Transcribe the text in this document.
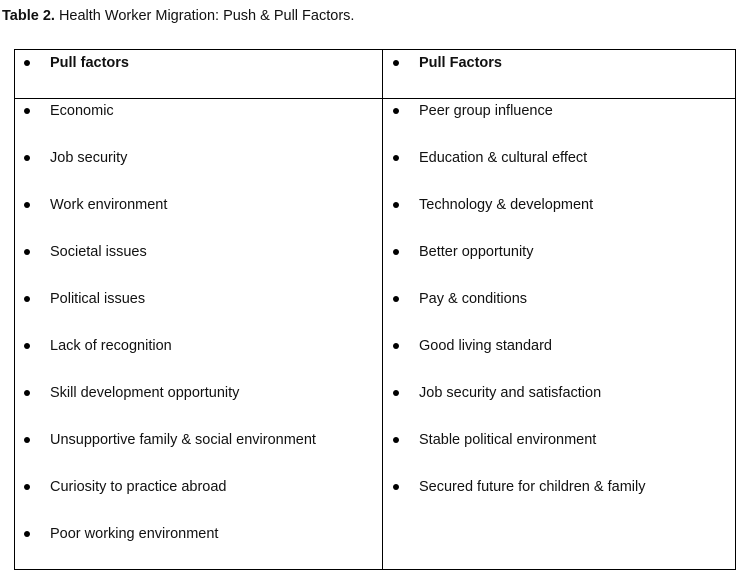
Table 2. Health Worker Migration: Push & Pull Factors.
Pull factors	Pull Factors
Economic
Job security
Work environment
Societal issues
Political issues
Lack of recognition
Skill development opportunity
Unsupportive family & social environment
Curiosity to practice abroad
Poor working environment
Peer group influence
Education & cultural effect
Technology & development
Better opportunity
Pay & conditions
Good living standard
Job security and satisfaction
Stable political environment
Secured future for children & family
